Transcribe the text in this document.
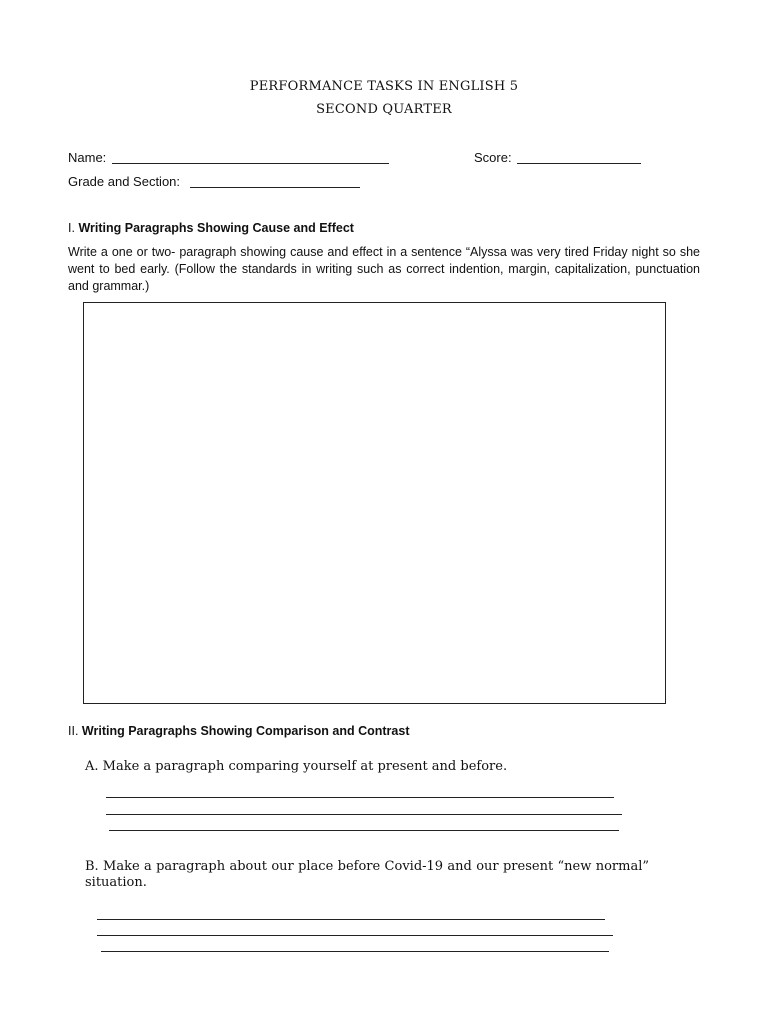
PERFORMANCE TASKS IN ENGLISH 5
SECOND QUARTER
Name:	Score:
Grade and Section:
I. Writing Paragraphs Showing Cause and Effect
Write a one or two- paragraph showing cause and effect in a sentence “Alyssa was very tired Friday night so she went to bed early. (Follow the standards in writing such as correct indention, margin, capitalization, punctuation and grammar.)
II. Writing Paragraphs Showing Comparison and Contrast
A. Make a paragraph comparing yourself at present and before.
B. Make a paragraph about our place before Covid-19 and our present “new normal” situation.
